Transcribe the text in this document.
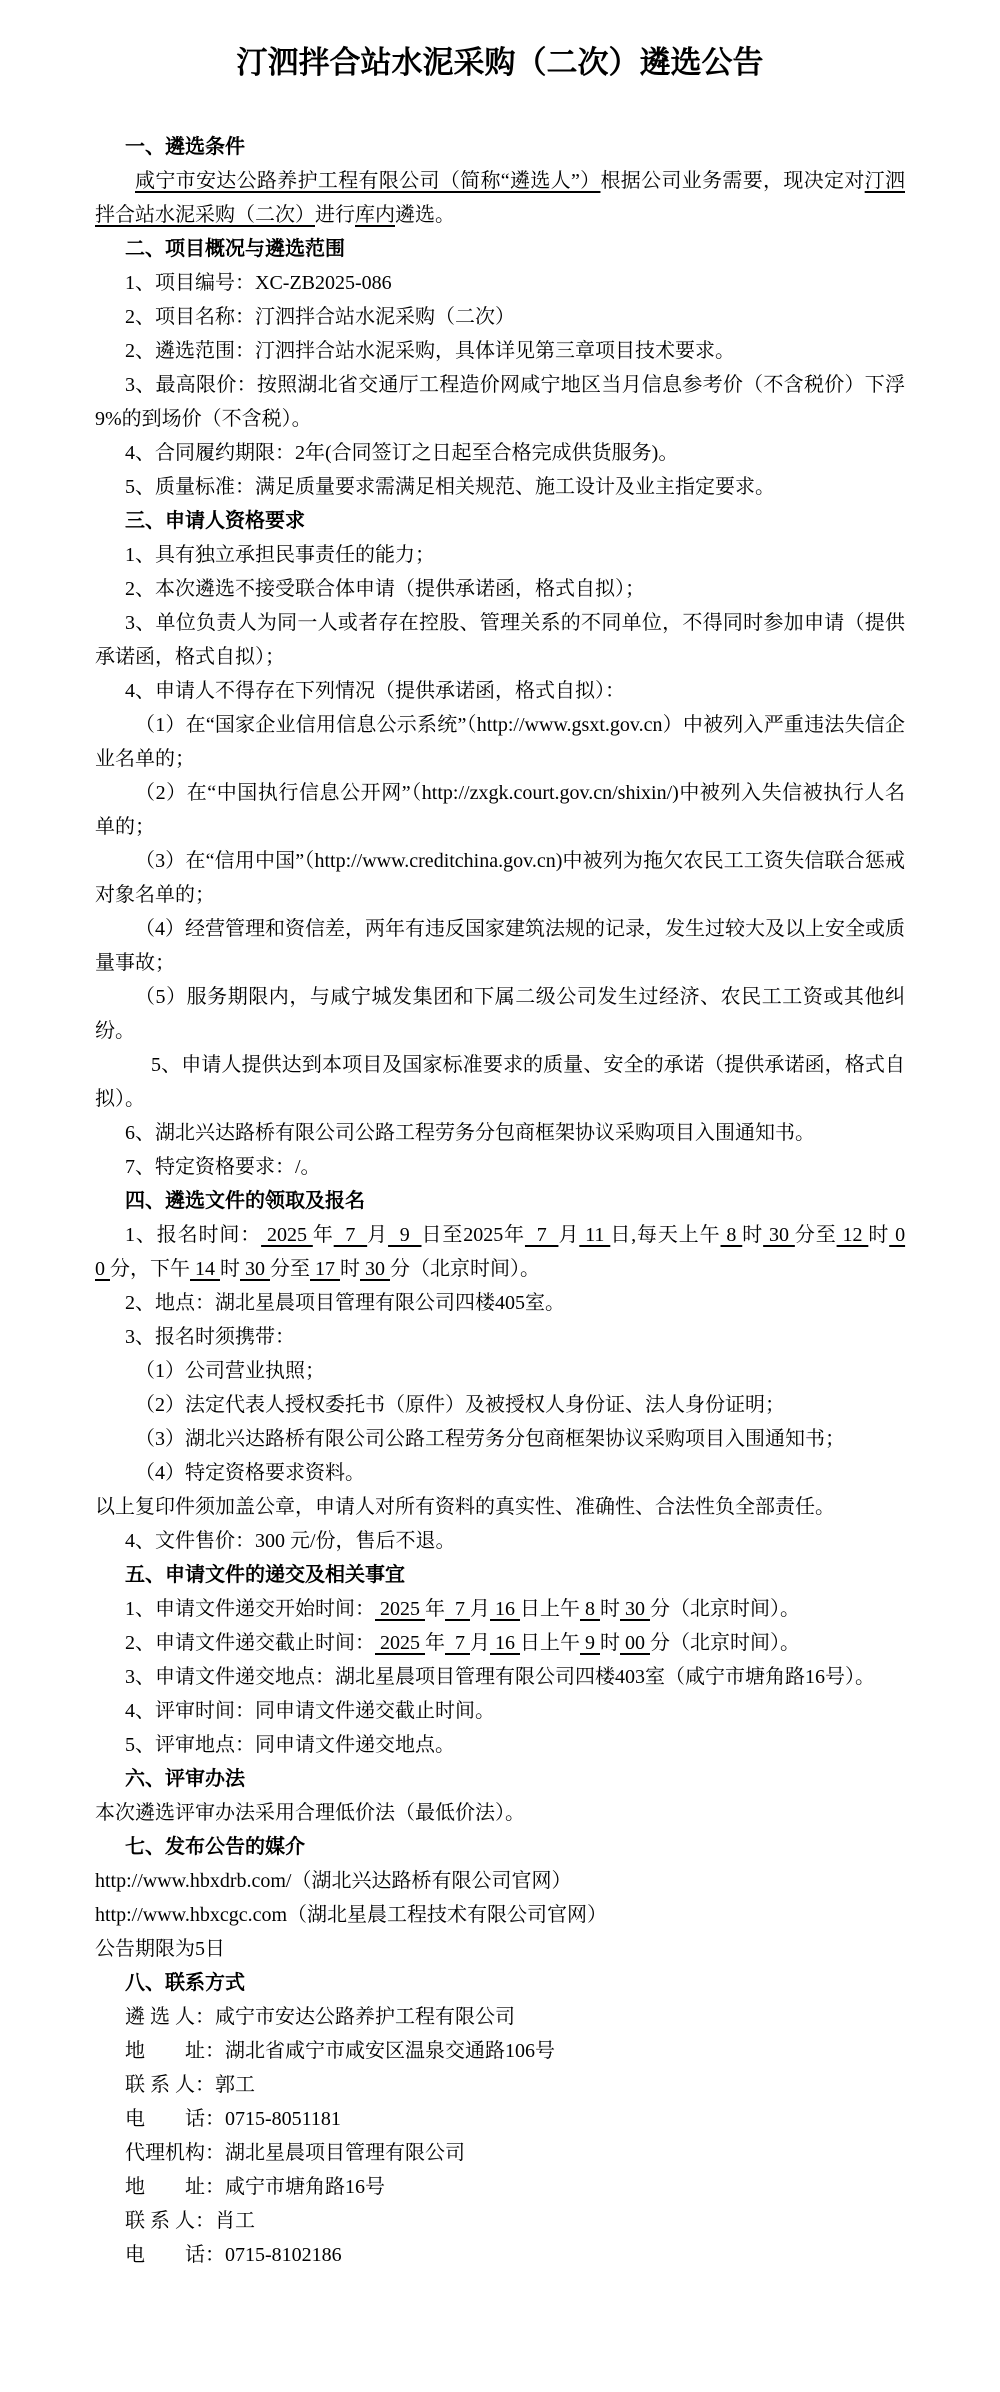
汀泗拌合站水泥采购（二次）遴选公告

一、遴选条件

咸宁市安达公路养护工程有限公司（简称“遴选人”）根据公司业务需要，现决定对汀泗拌合站水泥采购（二次）进行库内遴选。

二、项目概况与遴选范围

1、项目编号：XC-ZB2025-086

2、项目名称：汀泗拌合站水泥采购（二次）

2、遴选范围：汀泗拌合站水泥采购，具体详见第三章项目技术要求。

3、最高限价：按照湖北省交通厅工程造价网咸宁地区当月信息参考价（不含税价）下浮9%的到场价（不含税）。

4、合同履约期限：2年(合同签订之日起至合格完成供货服务)。

5、质量标准：满足质量要求需满足相关规范、施工设计及业主指定要求。

三、申请人资格要求

1、具有独立承担民事责任的能力；

2、本次遴选不接受联合体申请（提供承诺函，格式自拟）；

3、单位负责人为同一人或者存在控股、管理关系的不同单位，不得同时参加申请（提供承诺函，格式自拟）；

4、申请人不得存在下列情况（提供承诺函，格式自拟）：

（1）在“国家企业信用信息公示系统”（http://www.gsxt.gov.cn）中被列入严重违法失信企业名单的；

（2）在“中国执行信息公开网”（http://zxgk.court.gov.cn/shixin/)中被列入失信被执行人名单的；

（3）在“信用中国”（http://www.creditchina.gov.cn)中被列为拖欠农民工工资失信联合惩戒对象名单的；

（4）经营管理和资信差，两年有违反国家建筑法规的记录，发生过较大及以上安全或质量事故；

（5）服务期限内，与咸宁城发集团和下属二级公司发生过经济、农民工工资或其他纠纷。

5、申请人提供达到本项目及国家标准要求的质量、安全的承诺（提供承诺函，格式自拟）。

6、湖北兴达路桥有限公司公路工程劳务分包商框架协议采购项目入围通知书。

7、特定资格要求：/。

四、遴选文件的领取及报名

1、报名时间： 2025 年  7  月  9  日至2025年  7  月 11 日,每天上午 8 时 30 分至 12 时 00 分，下午 14 时 30 分至 17 时 30 分（北京时间）。

2、地点：湖北星晨项目管理有限公司四楼405室。

3、报名时须携带：

（1）公司营业执照；

（2）法定代表人授权委托书（原件）及被授权人身份证、法人身份证明；

（3）湖北兴达路桥有限公司公路工程劳务分包商框架协议采购项目入围通知书；

（4）特定资格要求资料。

以上复印件须加盖公章，申请人对所有资料的真实性、准确性、合法性负全部责任。

4、文件售价：300 元/份，售后不退。

五、申请文件的递交及相关事宜

1、申请文件递交开始时间： 2025 年  7 月 16 日上午 8 时 30 分（北京时间）。

2、申请文件递交截止时间： 2025 年  7 月 16 日上午 9 时 00 分（北京时间）。

3、申请文件递交地点：湖北星晨项目管理有限公司四楼403室（咸宁市塘角路16号）。

4、评审时间：同申请文件递交截止时间。

5、评审地点：同申请文件递交地点。

六、评审办法

本次遴选评审办法采用合理低价法（最低价法）。

七、发布公告的媒介

http://www.hbxdrb.com/（湖北兴达路桥有限公司官网）

http://www.hbxcgc.com（湖北星晨工程技术有限公司官网）

公告期限为5日

八、联系方式

遴 选 人：咸宁市安达公路养护工程有限公司

地　　址：湖北省咸宁市咸安区温泉交通路106号

联 系 人：郭工

电　　话：0715-8051181

代理机构：湖北星晨项目管理有限公司

地　　址：咸宁市塘角路16号

联 系 人：肖工

电　　话：0715-8102186
